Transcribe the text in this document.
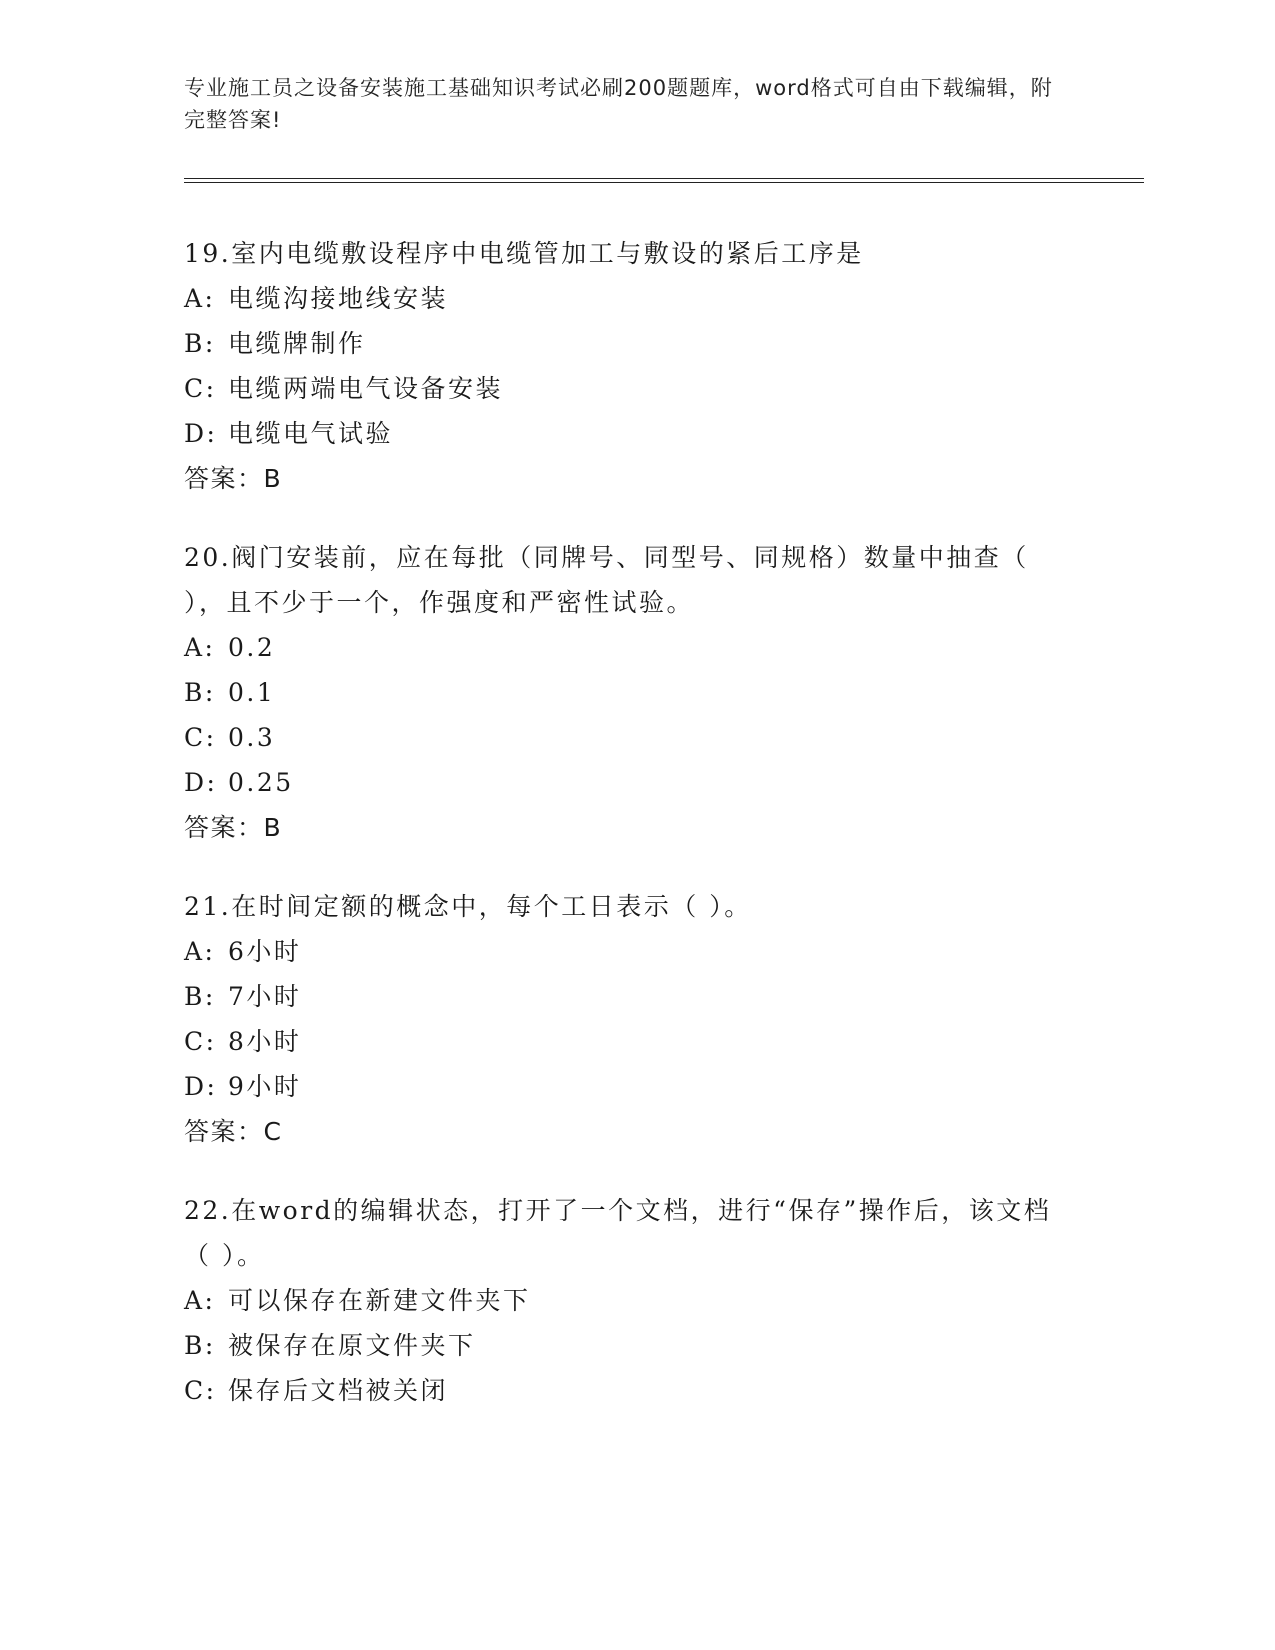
专业施工员之设备安装施工基础知识考试必刷200题题库，word格式可自由下载编辑，附完整答案!

19.室内电缆敷设程序中电缆管加工与敷设的紧后工序是

A: 电缆沟接地线安装

B: 电缆牌制作

C: 电缆两端电气设备安装

D: 电缆电气试验

答案：B

20.阀门安装前，应在每批（同牌号、同型号、同规格）数量中抽查（ ），且不少于一个，作强度和严密性试验。

A: 0.2

B: 0.1

C: 0.3

D: 0.25

答案：B

21.在时间定额的概念中，每个工日表示（ ）。

A: 6小时

B: 7小时

C: 8小时

D: 9小时

答案：C

22.在word的编辑状态，打开了一个文档，进行“保存”操作后，该文档（ ）。

A: 可以保存在新建文件夹下

B: 被保存在原文件夹下

C: 保存后文档被关闭
